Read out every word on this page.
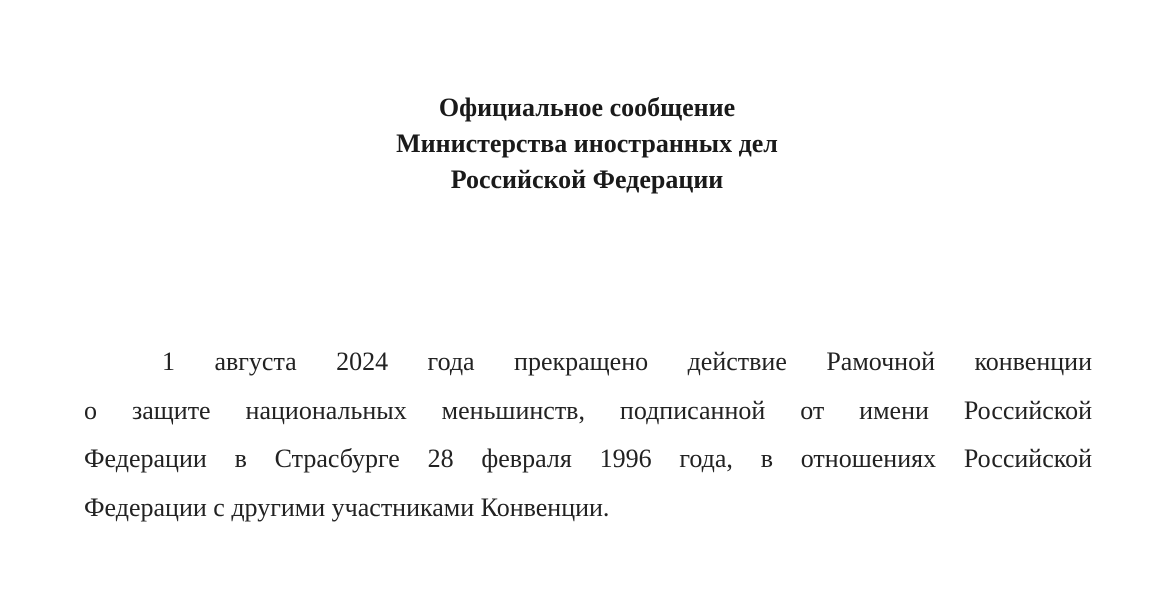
Официальное сообщение
Министерства иностранных дел
Российской Федерации
1 августа 2024 года прекращено действие Рамочной конвенции
о защите национальных меньшинств, подписанной от имени Российской
Федерации в Страсбурге 28 февраля 1996 года, в отношениях Российской
Федерации с другими участниками Конвенции.
